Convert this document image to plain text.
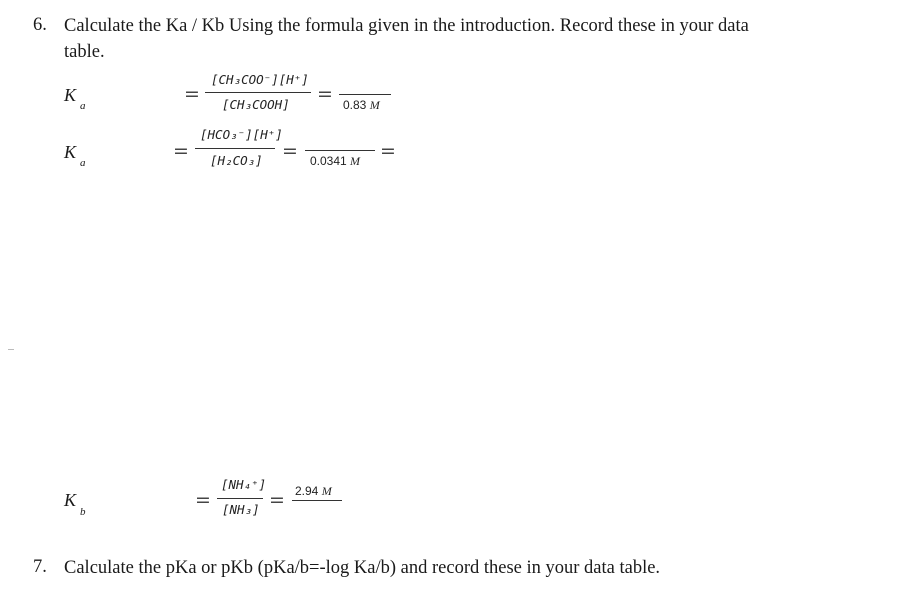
6. Calculate the Ka / Kb Using the formula given in the introduction. Record these in your data table.
K
a
=
[CH₃COO⁻][H⁺]
[CH₃COOH] = 0.83 M
K
a
=
[HCO₃⁻][H⁺]
[H₂CO₃] = 0.0341 M =
K
b
=
[NH₄⁺]
[NH₃] = 2.94 M
7. Calculate the pKa or pKb (pKa/b=-log Ka/b) and record these in your data table.
